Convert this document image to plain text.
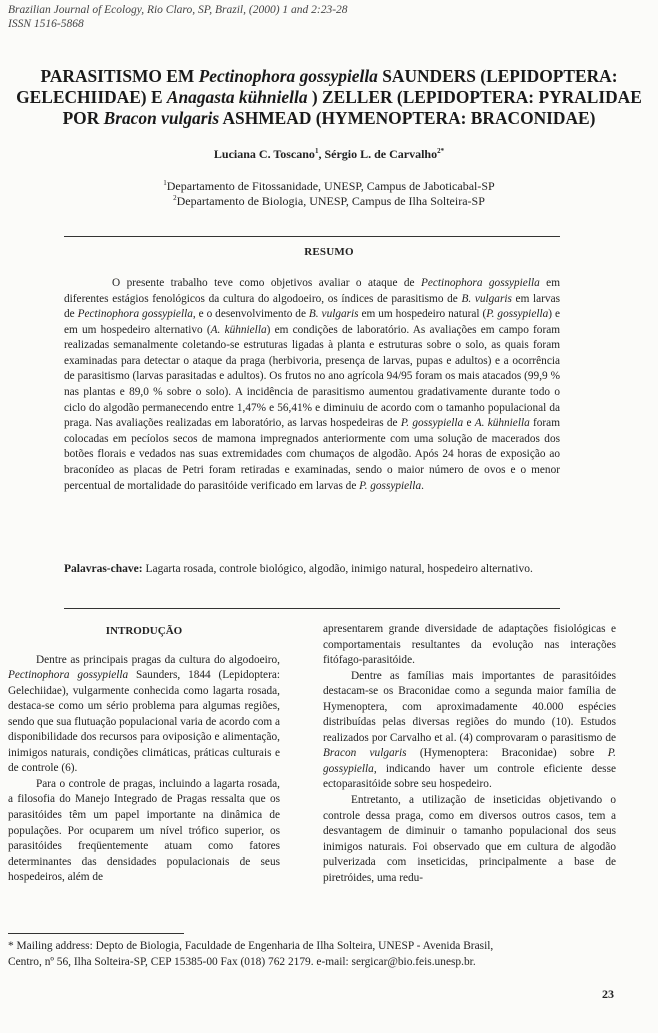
Brazilian Journal of Ecology, Rio Claro, SP, Brazil, (2000) 1 and 2:23-28
ISSN 1516-5868
PARASITISMO EM Pectinophora gossypiella SAUNDERS (LEPIDOPTERA:
GELECHIIDAE) E Anagasta kühniella ) ZELLER (LEPIDOPTERA: PYRALIDAE
POR Bracon vulgaris ASHMEAD (HYMENOPTERA: BRACONIDAE)
Luciana C. Toscano$^1$, Sérgio L. de Carvalho$^{2*}$
$^1$Departamento de Fitossanidade, UNESP, Campus de Jaboticabal-SP
$^2$Departamento de Biologia, UNESP, Campus de Ilha Solteira-SP
RESUMO

O presente trabalho teve como objetivos avaliar o ataque de Pectinophora gossypiella em diferentes estágios fenológicos da cultura do algodoeiro, os índices de parasitismo de B. vulgaris em larvas de Pectinophora gossypiella, e o desenvolvimento de B. vulgaris em um hospedeiro natural (P. gossypiella) e em um hospedeiro alternativo (A. kühniella) em condições de laboratório. As avaliações em campo foram realizadas semanalmente coletando-se estruturas ligadas à planta e estruturas sobre o solo, as quais foram examinadas para detectar o ataque da praga (herbivoria, presença de larvas, pupas e adultos) e a ocorrência de parasitismo (larvas parasitadas e adultos). Os frutos no ano agrícola 94/95 foram os mais atacados (99,9 % nas plantas e 89,0 % sobre o solo). A incidência de parasitismo aumentou gradativamente durante todo o ciclo do algodão permanecendo entre 1,47% e 56,41% e diminuiu de acordo com o tamanho populacional da praga. Nas avaliações realizadas em laboratório, as larvas hospedeiras de P. gossypiella e A. kühniella foram colocadas em pecíolos secos de mamona impregnados anteriormente com uma solução de macerados dos botões florais e vedados nas suas extremidades com chumaços de algodão. Após 24 horas de exposição ao braconídeo as placas de Petri foram retiradas e examinadas, sendo o maior número de ovos e o menor percentual de mortalidade do parasitóide verificado em larvas de P. gossypiella.

Palavras-chave: Lagarta rosada, controle biológico, algodão, inimigo natural, hospedeiro alternativo.
INTRODUÇÃO

Dentre as principais pragas da cultura do algodoeiro, Pectinophora gossypiella Saunders, 1844 (Lepidoptera: Gelechiidae), vulgarmente conhecida como lagarta rosada, destaca-se como um sério problema para algumas regiões, sendo que sua flutuação populacional varia de acordo com a disponibilidade dos recursos para oviposição e alimentação, inimigos naturais, condições climáticas, práticas culturais e de controle (6).

Para o controle de pragas, incluindo a lagarta rosada, a filosofia do Manejo Integrado de Pragas ressalta que os parasitóides têm um papel importante na dinâmica de populações. Por ocuparem um nível trófico superior, os parasitóides freqüentemente atuam como fatores determinantes das densidades populacionais de seus hospedeiros, além de

apresentarem grande diversidade de adaptações fisiológicas e comportamentais resultantes da evolução nas interações fitófago-parasitóide.

Dentre as famílias mais importantes de parasitóides destacam-se os Braconidae como a segunda maior família de Hymenoptera, com aproximadamente 40.000 espécies distribuídas pelas diversas regiões do mundo (10). Estudos realizados por Carvalho et al. (4) comprovaram o parasitismo de Bracon vulgaris (Hymenoptera: Braconidae) sobre P. gossypiella, indicando haver um controle eficiente desse ectoparasitóide sobre seu hospedeiro.

Entretanto, a utilização de inseticidas objetivando o controle dessa praga, como em diversos outros casos, tem a desvantagem de diminuir o tamanho populacional dos seus inimigos naturais. Foi observado que em cultura de algodão pulverizada com inseticidas, principalmente a base de piretróides, uma redu-

* Mailing address: Depto de Biologia, Faculdade de Engenharia de Ilha Solteira, UNESP - Avenida Brasil,
Centro, nº 56, Ilha Solteira-SP, CEP 15385-00 Fax (018) 762 2179. e-mail: sergicar@bio.feis.unesp.br.
23
